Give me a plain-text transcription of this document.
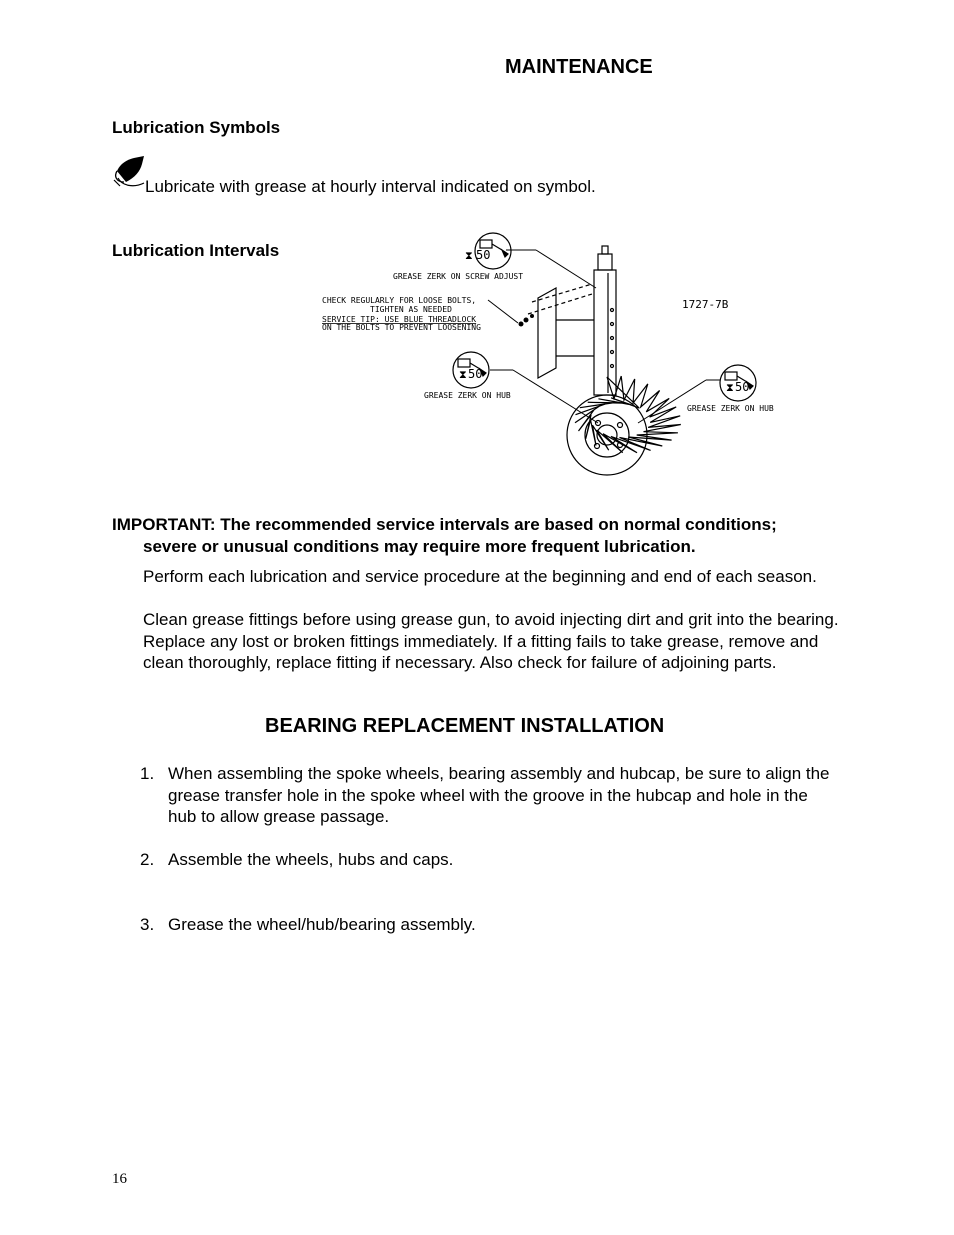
MAINTENANCE
Lubrication Symbols
Lubricate with grease at hourly interval indicated on symbol.
Lubrication Intervals	⧗ 50
GREASE ZERK ON SCREW ADJUST
CHECK REGULARLY FOR LOOSE BOLTS,
TIGHTEN AS NEEDED
SERVICE TIP: USE BLUE THREADLOCK
ON THE BOLTS TO PREVENT LOOSENING
1727-7B
⧗ 50
GREASE ZERK ON HUB
⧗ 50
GREASE ZERK ON HUB
IMPORTANT: The recommended service intervals are based on normal conditions;
severe or unusual conditions may require more frequent lubrication.
Perform each lubrication and service procedure at the beginning and end of each season.
Clean grease fittings before using grease gun, to avoid injecting dirt and grit into the bearing. Replace any lost or broken fittings immediately. If a fitting fails to take grease, remove and clean thoroughly, replace fitting if necessary. Also check for failure of adjoining parts.
BEARING REPLACEMENT INSTALLATION
1. When assembling the spoke wheels, bearing assembly and hubcap, be sure to align the grease transfer hole in the spoke wheel with the groove in the hubcap and hole in the hub to allow grease passage.
2. Assemble the wheels, hubs and caps.
3. Grease the wheel/hub/bearing assembly.
16
